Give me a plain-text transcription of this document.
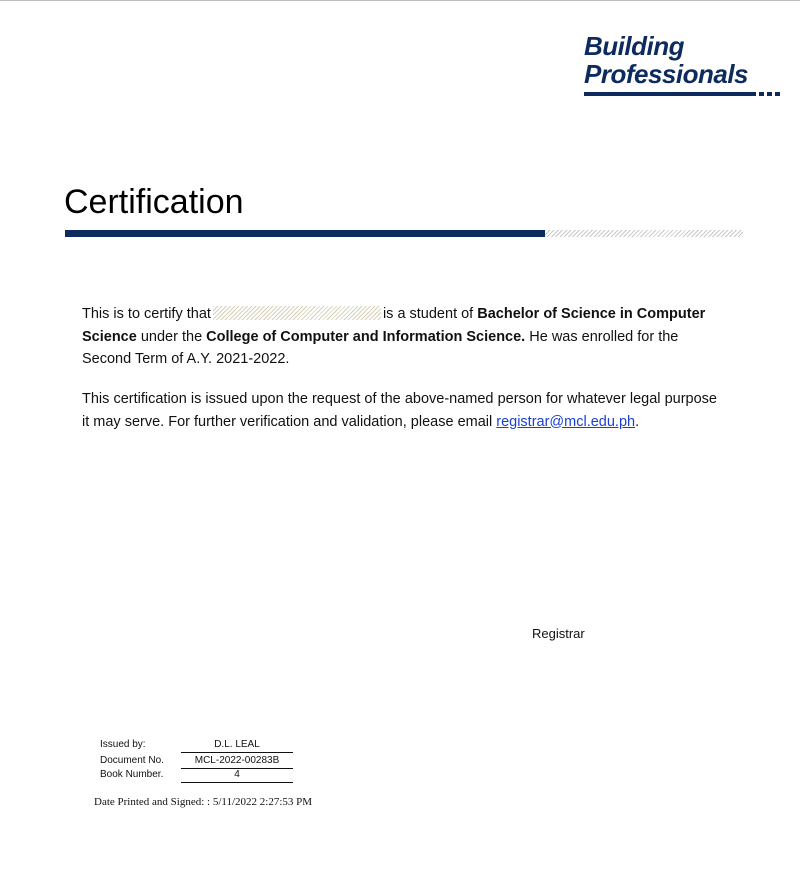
Building
Professionals
Certification

This is to certify that	is a student of Bachelor of Science in Computer Science under the College of Computer and Information Science. He was enrolled for the Second Term of A.Y. 2021-2022.

This certification is issued upon the request of the above-named person for whatever legal purpose it may serve. For further verification and validation, please email registrar@mcl.edu.ph.

Registrar
Issued by:	D.L. LEAL
Document No.	MCL-2022-00283B
Book Number.	4
Date Printed and Signed: : 5/11/2022 2:27:53 PM
